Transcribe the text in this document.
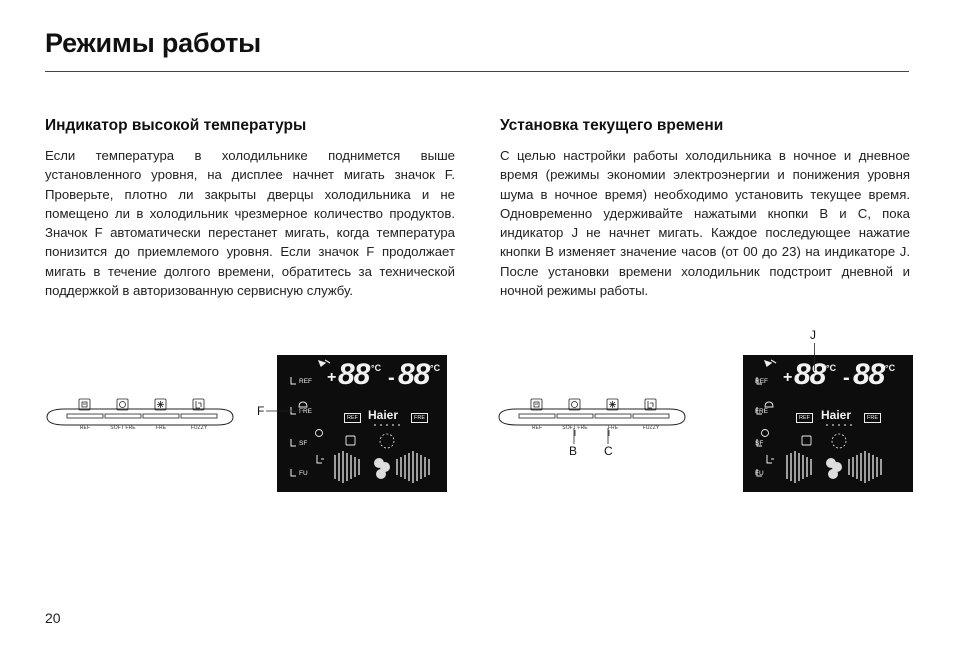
Режимы работы
Индикатор высокой температуры

Если температура в холодильнике поднимется выше установленного уровня, на дисплее начнет мигать значок F. Проверьте, плотно ли закрыты дверцы холодильника и не помещено ли в холодильник чрезмерное количество продуктов. Значок F автоматически перестанет мигать, когда температура понизится до приемлемого уровня. Если значок F продолжает мигать в течение долгого времени, обратитесь за технической поддержкой в авторизованную сервисную службу.

Установка текущего времени

С целью настройки работы холодильника в ночное и дневное время (режимы экономии электроэнергии и понижения уровня шума в ночное время) необходимо установить текущее время. Одновременно удерживайте нажатыми кнопки B и C, пока индикатор J не начнет мигать. Каждое последующее нажатие кнопки B изменяет значение часов (от 00 до 23) на индикаторе J. После установки времени холодильник подстроит дневной и ночной режимы работы.

REF	SOFT FRE	FRE	FUZZY
+ 88 °C - 88 °C
REF
FRE
SF
FU
REF Haier	FRE
F
REF	SOFT FRE	FRE	FUZZY
B C
+ 88 °C - 88 °C
REF
FRE
SF
FU
REF Haier	FRE
J
20
